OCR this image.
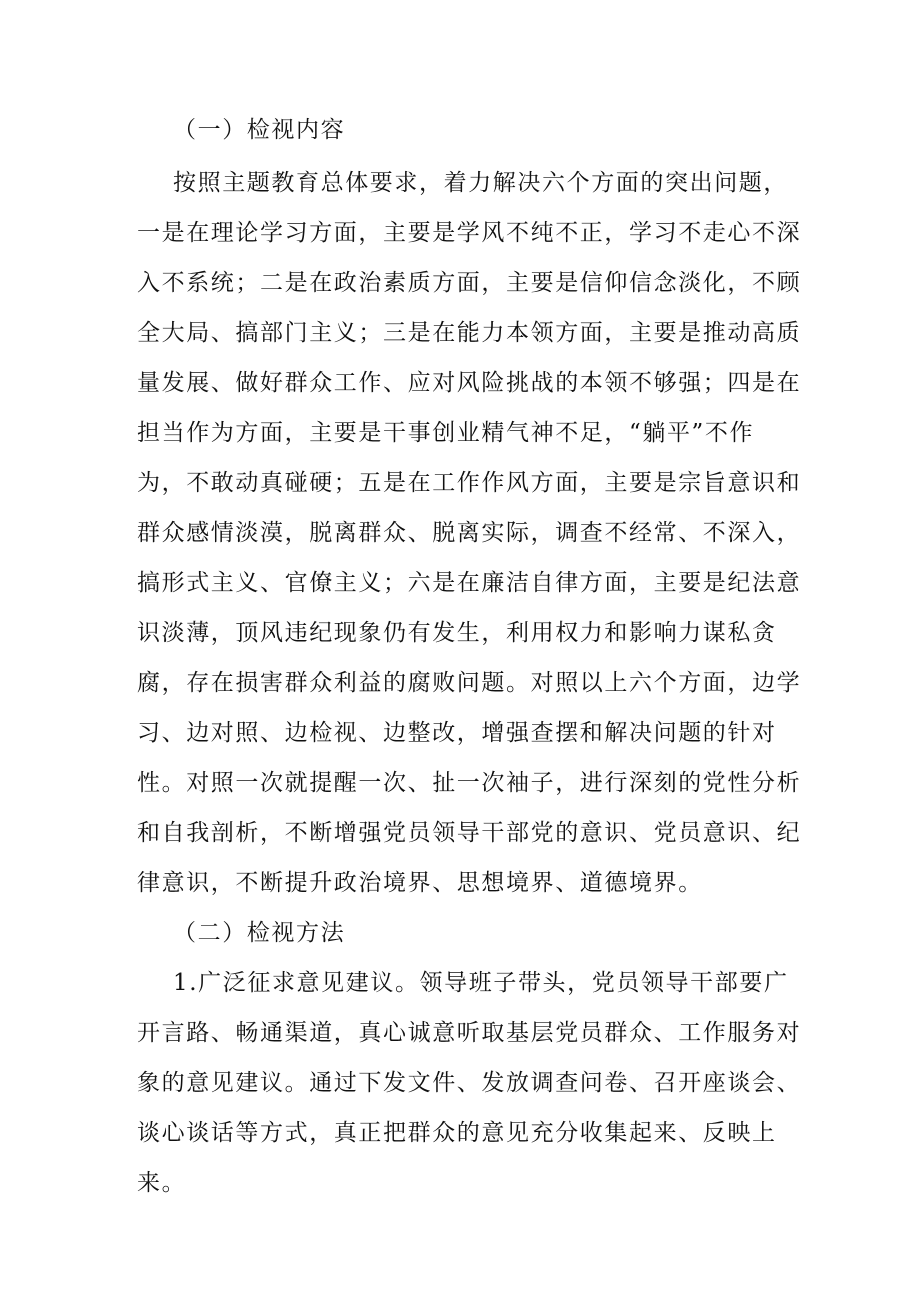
（一）检视内容
按照主题教育总体要求，着力解决六个方面的突出问题，
一是在理论学习方面，主要是学风不纯不正，学习不走心不深
入不系统；二是在政治素质方面，主要是信仰信念淡化，不顾
全大局、搞部门主义；三是在能力本领方面，主要是推动高质
量发展、做好群众工作、应对风险挑战的本领不够强；四是在
担当作为方面，主要是干事创业精气神不足，“躺平”不作
为，不敢动真碰硬；五是在工作作风方面，主要是宗旨意识和
群众感情淡漠，脱离群众、脱离实际，调查不经常、不深入，
搞形式主义、官僚主义；六是在廉洁自律方面，主要是纪法意
识淡薄，顶风违纪现象仍有发生，利用权力和影响力谋私贪
腐，存在损害群众利益的腐败问题。对照以上六个方面，边学
习、边对照、边检视、边整改，增强查摆和解决问题的针对
性。对照一次就提醒一次、扯一次袖子，进行深刻的党性分析
和自我剖析，不断增强党员领导干部党的意识、党员意识、纪
律意识，不断提升政治境界、思想境界、道德境界。
（二）检视方法
1.广泛征求意见建议。领导班子带头，党员领导干部要广
开言路、畅通渠道，真心诚意听取基层党员群众、工作服务对
象的意见建议。通过下发文件、发放调查问卷、召开座谈会、
谈心谈话等方式，真正把群众的意见充分收集起来、反映上
来。
